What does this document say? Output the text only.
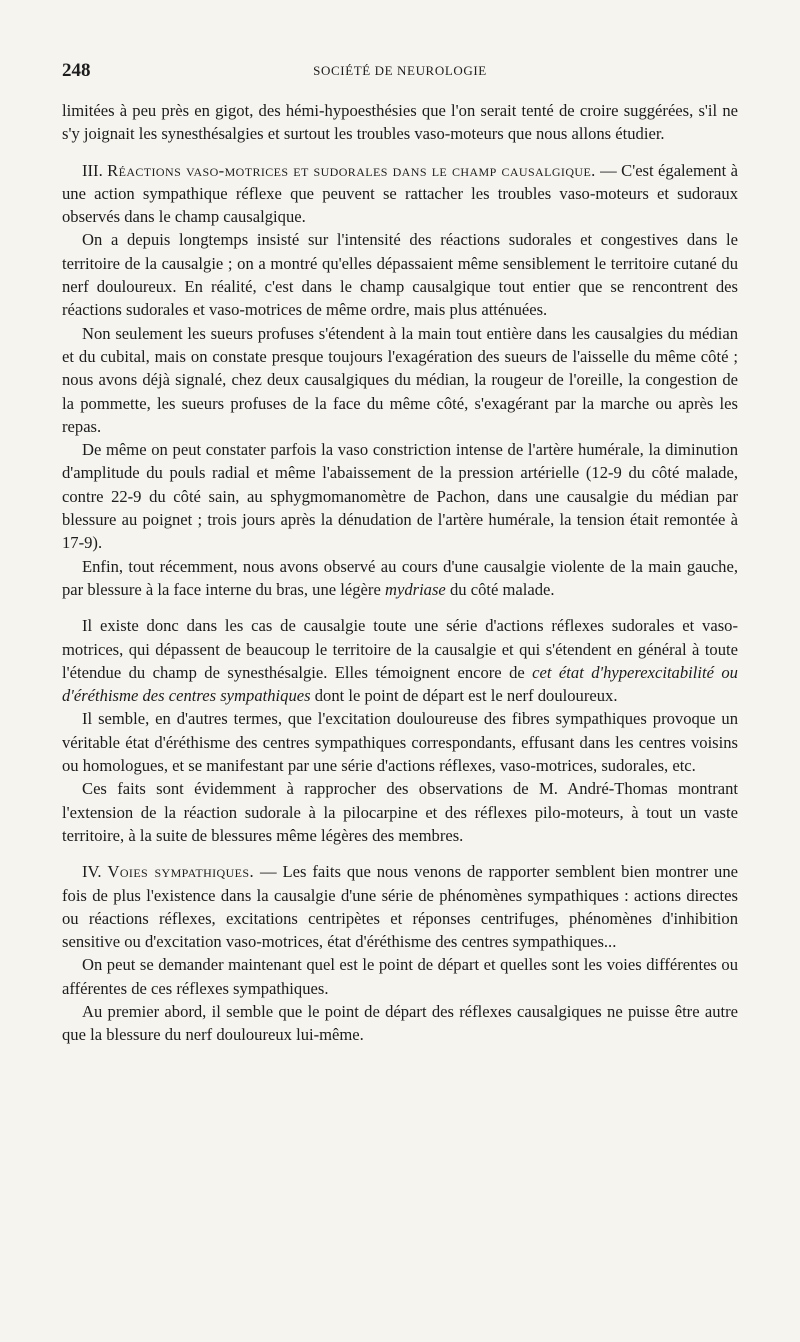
248	SOCIÉTÉ DE NEUROLOGIE

limitées à peu près en gigot, des hémi-hypoesthésies que l'on serait tenté de croire suggérées, s'il ne s'y joignait les synesthésalgies et surtout les troubles vaso-moteurs que nous allons étudier.

III. Réactions vaso-motrices et sudorales dans le champ causalgique. — C'est également à une action sympathique réflexe que peuvent se rattacher les troubles vaso-moteurs et sudoraux observés dans le champ causalgique.

On a depuis longtemps insisté sur l'intensité des réactions sudorales et congestives dans le territoire de la causalgie ; on a montré qu'elles dépassaient même sensiblement le territoire cutané du nerf douloureux. En réalité, c'est dans le champ causalgique tout entier que se rencontrent des réactions sudorales et vaso-motrices de même ordre, mais plus atténuées.

Non seulement les sueurs profuses s'étendent à la main tout entière dans les causalgies du médian et du cubital, mais on constate presque toujours l'exagération des sueurs de l'aisselle du même côté ; nous avons déjà signalé, chez deux causalgiques du médian, la rougeur de l'oreille, la congestion de la pommette, les sueurs profuses de la face du même côté, s'exagérant par la marche ou après les repas.

De même on peut constater parfois la vaso constriction intense de l'artère humérale, la diminution d'amplitude du pouls radial et même l'abaissement de la pression artérielle (12-9 du côté malade, contre 22-9 du côté sain, au sphygmomanomètre de Pachon, dans une causalgie du médian par blessure au poignet ; trois jours après la dénudation de l'artère humérale, la tension était remontée à 17-9).

Enfin, tout récemment, nous avons observé au cours d'une causalgie violente de la main gauche, par blessure à la face interne du bras, une légère mydriase du côté malade.

Il existe donc dans les cas de causalgie toute une série d'actions réflexes sudorales et vaso-motrices, qui dépassent de beaucoup le territoire de la causalgie et qui s'étendent en général à toute l'étendue du champ de synesthésalgie. Elles témoignent encore de cet état d'hyperexcitabilité ou d'éréthisme des centres sympathiques dont le point de départ est le nerf douloureux.

Il semble, en d'autres termes, que l'excitation douloureuse des fibres sympathiques provoque un véritable état d'éréthisme des centres sympathiques correspondants, effusant dans les centres voisins ou homologues, et se manifestant par une série d'actions réflexes, vaso-motrices, sudorales, etc.

Ces faits sont évidemment à rapprocher des observations de M. André-Thomas montrant l'extension de la réaction sudorale à la pilocarpine et des réflexes pilo-moteurs, à tout un vaste territoire, à la suite de blessures même légères des membres.

IV. Voies sympathiques. — Les faits que nous venons de rapporter semblent bien montrer une fois de plus l'existence dans la causalgie d'une série de phénomènes sympathiques : actions directes ou réactions réflexes, excitations centripètes et réponses centrifuges, phénomènes d'inhibition sensitive ou d'excitation vaso-motrices, état d'éréthisme des centres sympathiques...

On peut se demander maintenant quel est le point de départ et quelles sont les voies différentes ou afférentes de ces réflexes sympathiques.

Au premier abord, il semble que le point de départ des réflexes causalgiques ne puisse être autre que la blessure du nerf douloureux lui-même.
